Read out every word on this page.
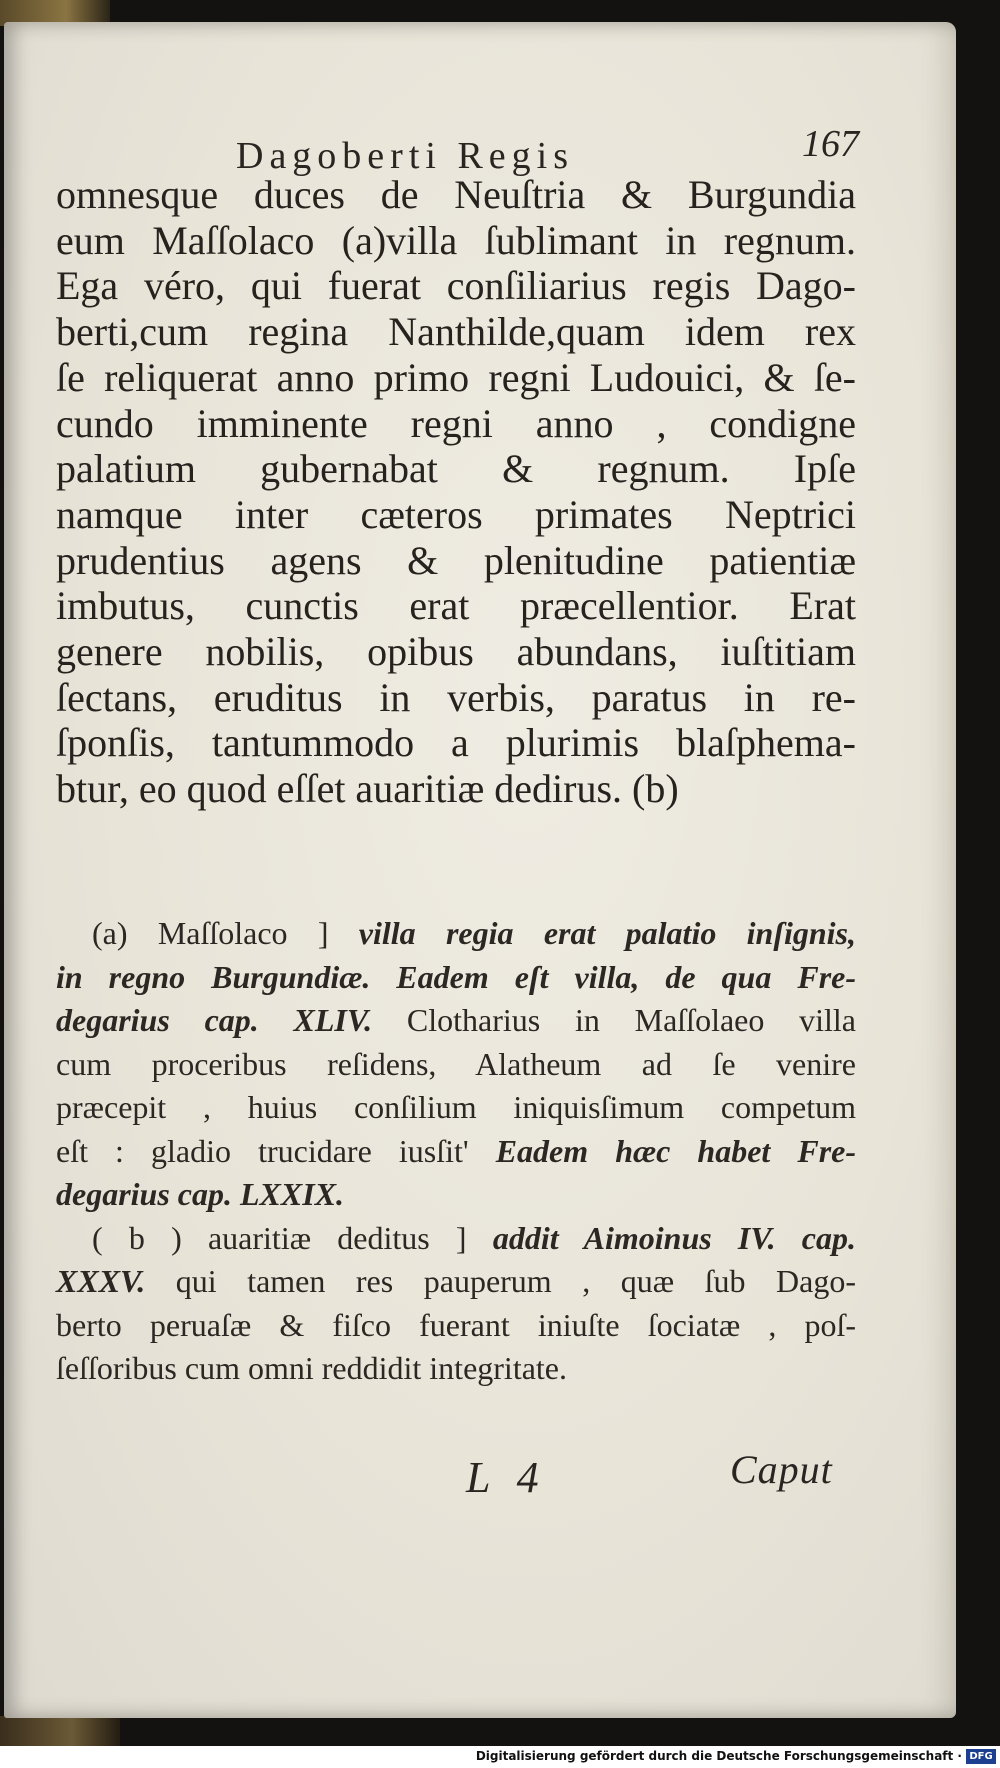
Dagoberti Regis	167
omnesque duces de Neuſtria & Burgundia
eum Maſſolaco (a)villa ſublimant in regnum.
Ega véro, qui fuerat conſiliarius regis Dago-
berti,cum regina Nanthilde,quam idem rex
ſe reliquerat anno primo regni Ludouici, & ſe-
cundo imminente regni anno , condigne
palatium gubernabat & regnum. Ipſe
namque inter cæteros primates Neptrici
prudentius agens & plenitudine patientiæ
imbutus, cunctis erat præcellentior. Erat
genere nobilis, opibus abundans, iuſtitiam
ſectans, eruditus in verbis, paratus in re-
ſponſis, tantummodo a plurimis blaſphema-
btur, eo quod eſſet auaritiæ dedirus. (b)
(a) Maſſolaco ] villa regia erat palatio inſignis,
in regno Burgundiæ. Eadem eſt villa, de qua Fre-
degarius cap. XLIV. Clotharius in Maſſolaeo villa
cum proceribus reſidens, Alatheum ad ſe venire
præcepit , huius conſilium iniquisſimum competum
eſt : gladio trucidare iusſit' Eadem hæc habet Fre-
degarius cap. LXXIX.
( b ) auaritiæ deditus ] addit Aimoinus IV. cap.
XXXV. qui tamen res pauperum , quæ ſub Dago-
berto peruaſæ & fiſco fuerant iniuſte ſociatæ , poſ-
ſeſſoribus cum omni reddidit integritate.
L 4	Caput
Digitalisierung gefördert durch die Deutsche Forschungsgemeinschaft · DFG
